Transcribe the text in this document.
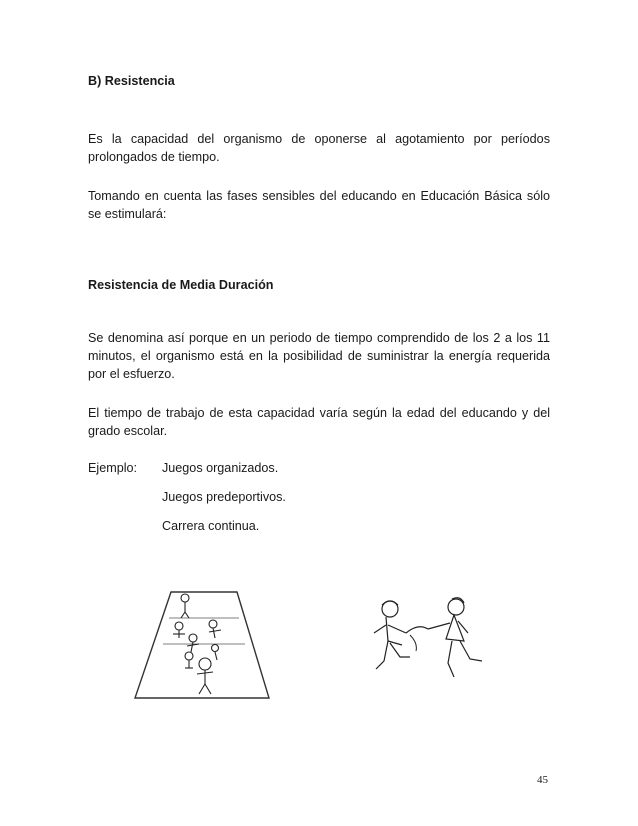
B) Resistencia
Es la capacidad del organismo de oponerse al agotamiento por períodos prolongados de tiempo.
Tomando en cuenta las fases sensibles del educando en Educación Básica sólo se estimulará:
Resistencia de Media Duración
Se denomina así porque en un periodo de tiempo comprendido de los 2 a los 11 minutos, el organismo está en la posibilidad de suministrar la energía requerida por el esfuerzo.
El tiempo de trabajo de esta capacidad varía según la edad del educando y del grado escolar.
Ejemplo: Juegos organizados.
Juegos predeportivos.
Carrera continua.
45
